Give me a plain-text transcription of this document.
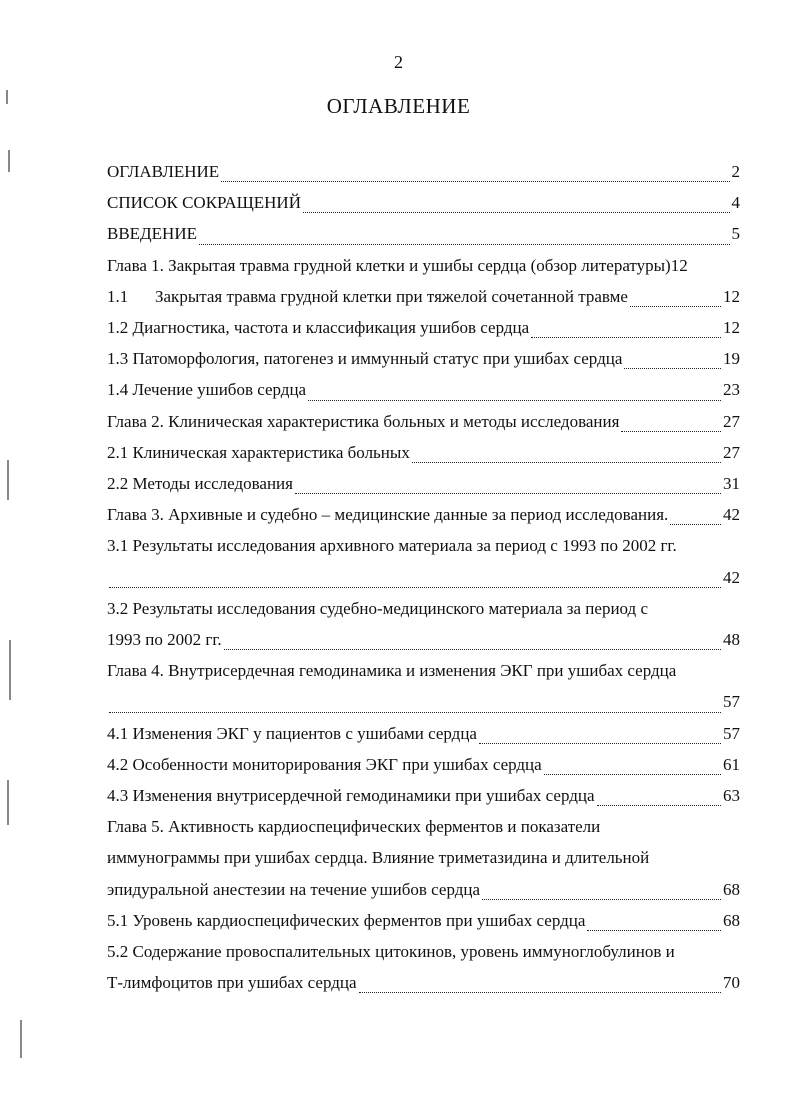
2
ОГЛАВЛЕНИЕ
ОГЛАВЛЕНИЕ	2
СПИСОК СОКРАЩЕНИЙ	4
ВВЕДЕНИЕ	5
Глава 1. Закрытая травма грудной клетки и ушибы сердца (обзор литературы) 12
1.1	Закрытая травма грудной клетки при тяжелой сочетанной травме	12
1.2 Диагностика, частота и классификация ушибов сердца	12
1.3 Патоморфология, патогенез и иммунный статус при ушибах сердца	19
1.4 Лечение ушибов сердца	23
Глава 2. Клиническая характеристика больных и методы исследования	27
2.1 Клиническая характеристика больных	27
2.2 Методы исследования	31
Глава 3. Архивные и судебно – медицинские данные за период исследования.	42
3.1 Результаты исследования архивного материала за период с 1993 по 2002 гг.
42
3.2 Результаты исследования судебно-медицинского материала за период с
1993 по 2002 гг.	48
Глава 4. Внутрисердечная гемодинамика и изменения ЭКГ при ушибах сердца
57
4.1 Изменения ЭКГ у пациентов с ушибами сердца	57
4.2 Особенности мониторирования ЭКГ при ушибах сердца	61
4.3 Изменения внутрисердечной гемодинамики при ушибах сердца	63
Глава 5. Активность кардиоспецифических ферментов и показатели
иммунограммы при ушибах сердца. Влияние триметазидина и длительной
эпидуральной анестезии на течение ушибов сердца	68
5.1 Уровень кардиоспецифических ферментов при ушибах сердца	68
5.2 Содержание провоспалительных цитокинов, уровень иммуноглобулинов и
Т-лимфоцитов при ушибах сердца	70
